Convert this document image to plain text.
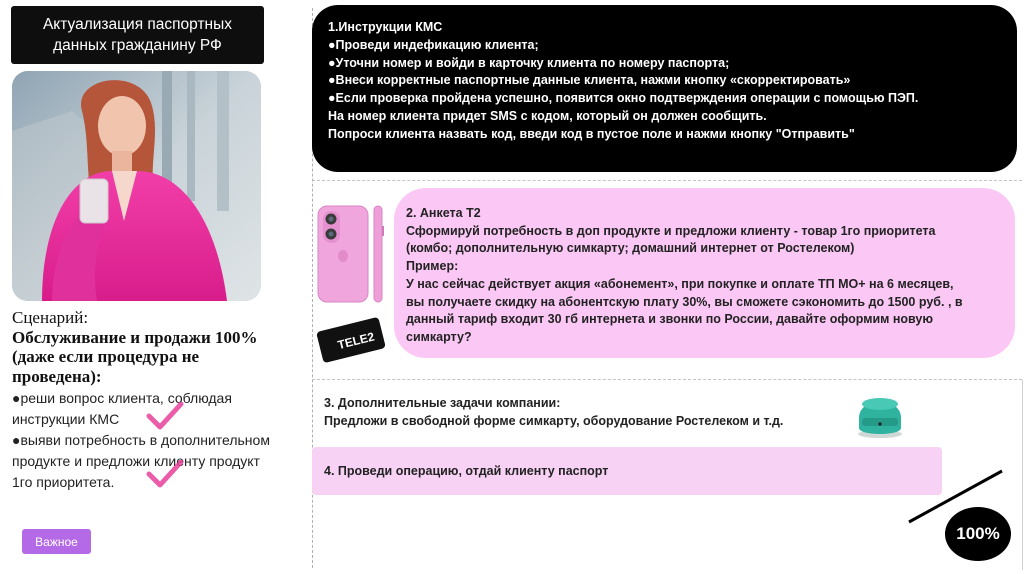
Актуализация паспортных
данных гражданину РФ
Сценарий:
Обслуживание и продажи 100%
(даже если процедура не
проведена):
●реши вопрос клиента, соблюдая
инструкции КМС
●выяви потребность в дополнительном
продукте и предложи клиенту продукт
1го приоритета.
Важное
1.Инструкции КМС
●Проведи индефикацию клиента;
●Уточни номер и войди в карточку клиента по номеру паспорта;
●Внеси корректные паспортные данные клиента, нажми кнопку «скорректировать»
●Если проверка пройдена успешно, появится окно подтверждения операции с помощью ПЭП.
На номер клиента придет SMS с кодом, который он должен сообщить.
Попроси клиента назвать код, введи код в пустое поле и нажми кнопку "Отправить"
TELE2
2. Анкета Т2
Сформируй потребность в доп продукте и предложи клиенту - товар 1го приоритета
(комбо; дополнительную симкарту; домашний интернет от Ростелеком)
Пример:
У нас сейчас действует акция «абонемент», при покупке и оплате ТП МО+ на 6 месяцев,
вы получаете скидку на абонентскую плату 30%, вы сможете сэкономить до 1500 руб. , в
данный тариф входит 30 гб интернета и звонки по России, давайте оформим новую
симкарту?
3. Дополнительные задачи компании:
Предложи в свободной форме симкарту, оборудование Ростелеком и т.д.
4. Проведи операцию, отдай клиенту паспорт
100%
